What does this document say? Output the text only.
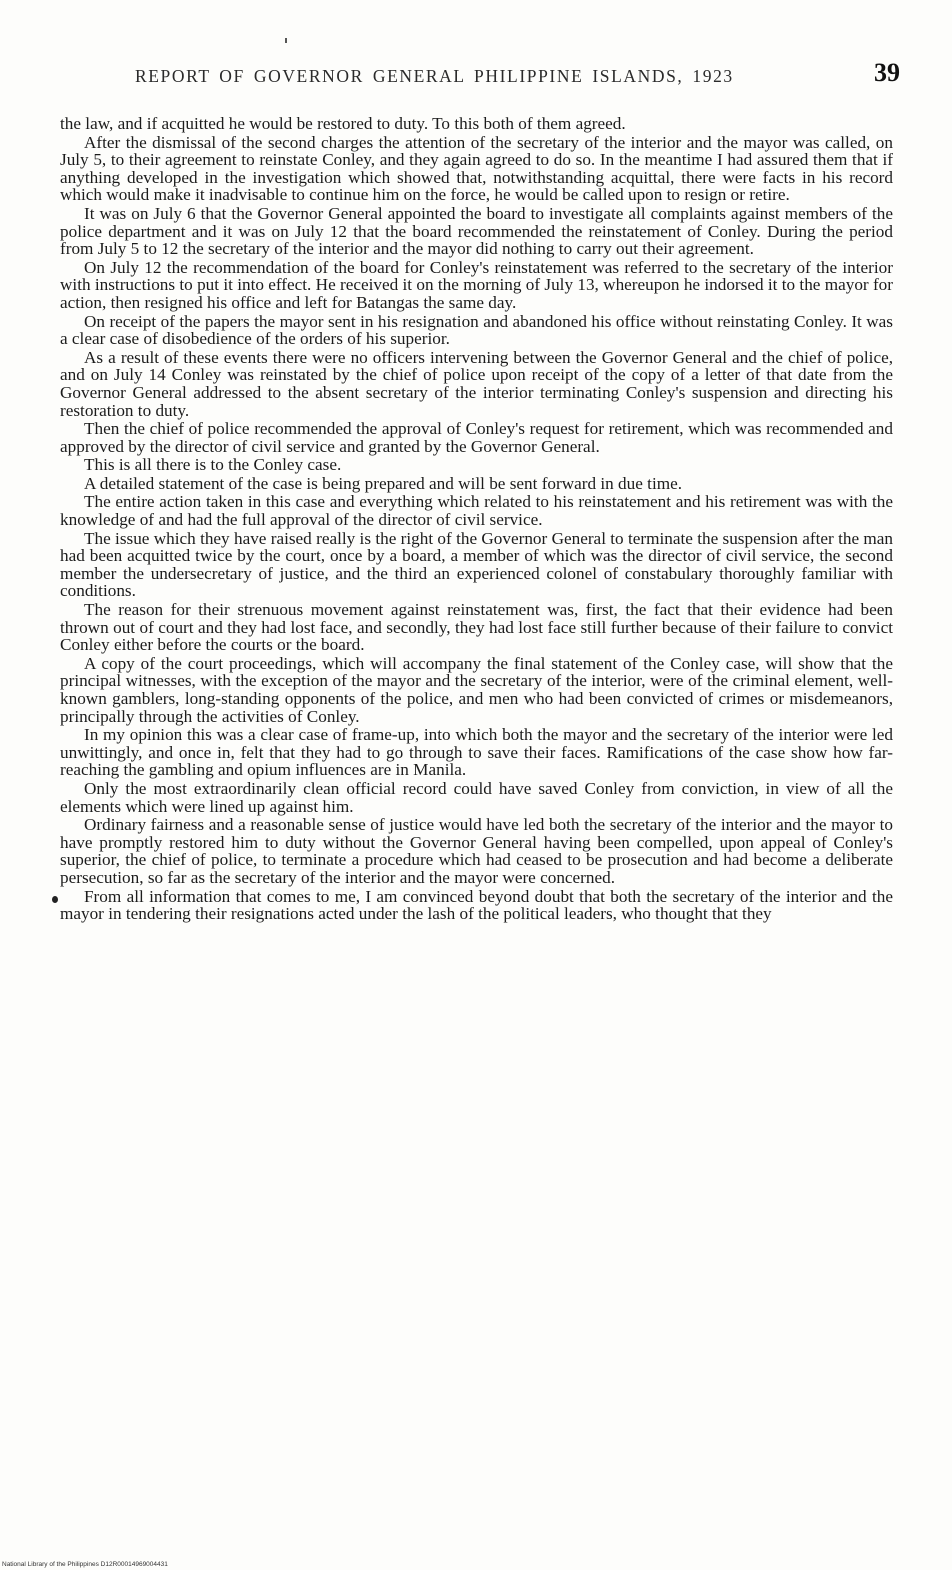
REPORT OF GOVERNOR GENERAL PHILIPPINE ISLANDS, 1923	39

the law, and if acquitted he would be restored to duty. To this both of them agreed.

After the dismissal of the second charges the attention of the secretary of the interior and the mayor was called, on July 5, to their agreement to reinstate Conley, and they again agreed to do so. In the meantime I had assured them that if anything developed in the investigation which showed that, notwithstanding acquittal, there were facts in his record which would make it inadvisable to continue him on the force, he would be called upon to resign or retire.

It was on July 6 that the Governor General appointed the board to investigate all complaints against members of the police department and it was on July 12 that the board recommended the reinstatement of Conley. During the period from July 5 to 12 the secretary of the interior and the mayor did nothing to carry out their agreement.

On July 12 the recommendation of the board for Conley's reinstatement was referred to the secretary of the interior with instructions to put it into effect. He received it on the morning of July 13, whereupon he indorsed it to the mayor for action, then resigned his office and left for Batangas the same day.

On receipt of the papers the mayor sent in his resignation and abandoned his office without reinstating Conley. It was a clear case of disobedience of the orders of his superior.

As a result of these events there were no officers intervening between the Governor General and the chief of police, and on July 14 Conley was reinstated by the chief of police upon receipt of the copy of a letter of that date from the Governor General addressed to the absent secretary of the interior terminating Conley's suspension and directing his restoration to duty.

Then the chief of police recommended the approval of Conley's request for retirement, which was recommended and approved by the director of civil service and granted by the Governor General.

This is all there is to the Conley case.

A detailed statement of the case is being prepared and will be sent forward in due time.

The entire action taken in this case and everything which related to his reinstatement and his retirement was with the knowledge of and had the full approval of the director of civil service.

The issue which they have raised really is the right of the Governor General to terminate the suspension after the man had been acquitted twice by the court, once by a board, a member of which was the director of civil service, the second member the undersecretary of justice, and the third an experienced colonel of constabulary thoroughly familiar with conditions.

The reason for their strenuous movement against reinstatement was, first, the fact that their evidence had been thrown out of court and they had lost face, and secondly, they had lost face still further because of their failure to convict Conley either before the courts or the board.

A copy of the court proceedings, which will accompany the final statement of the Conley case, will show that the principal witnesses, with the exception of the mayor and the secretary of the interior, were of the criminal element, well-known gamblers, long-standing opponents of the police, and men who had been convicted of crimes or misdemeanors, principally through the activities of Conley.

In my opinion this was a clear case of frame-up, into which both the mayor and the secretary of the interior were led unwittingly, and once in, felt that they had to go through to save their faces. Ramifications of the case show how far-reaching the gambling and opium influences are in Manila.

Only the most extraordinarily clean official record could have saved Conley from conviction, in view of all the elements which were lined up against him.

Ordinary fairness and a reasonable sense of justice would have led both the secretary of the interior and the mayor to have promptly restored him to duty without the Governor General having been compelled, upon appeal of Conley's superior, the chief of police, to terminate a procedure which had ceased to be prosecution and had become a deliberate persecution, so far as the secretary of the interior and the mayor were concerned.

From all information that comes to me, I am convinced beyond doubt that both the secretary of the interior and the mayor in tendering their resignations acted under the lash of the political leaders, who thought that they

National Library of the Philippines D12R00014969004431
